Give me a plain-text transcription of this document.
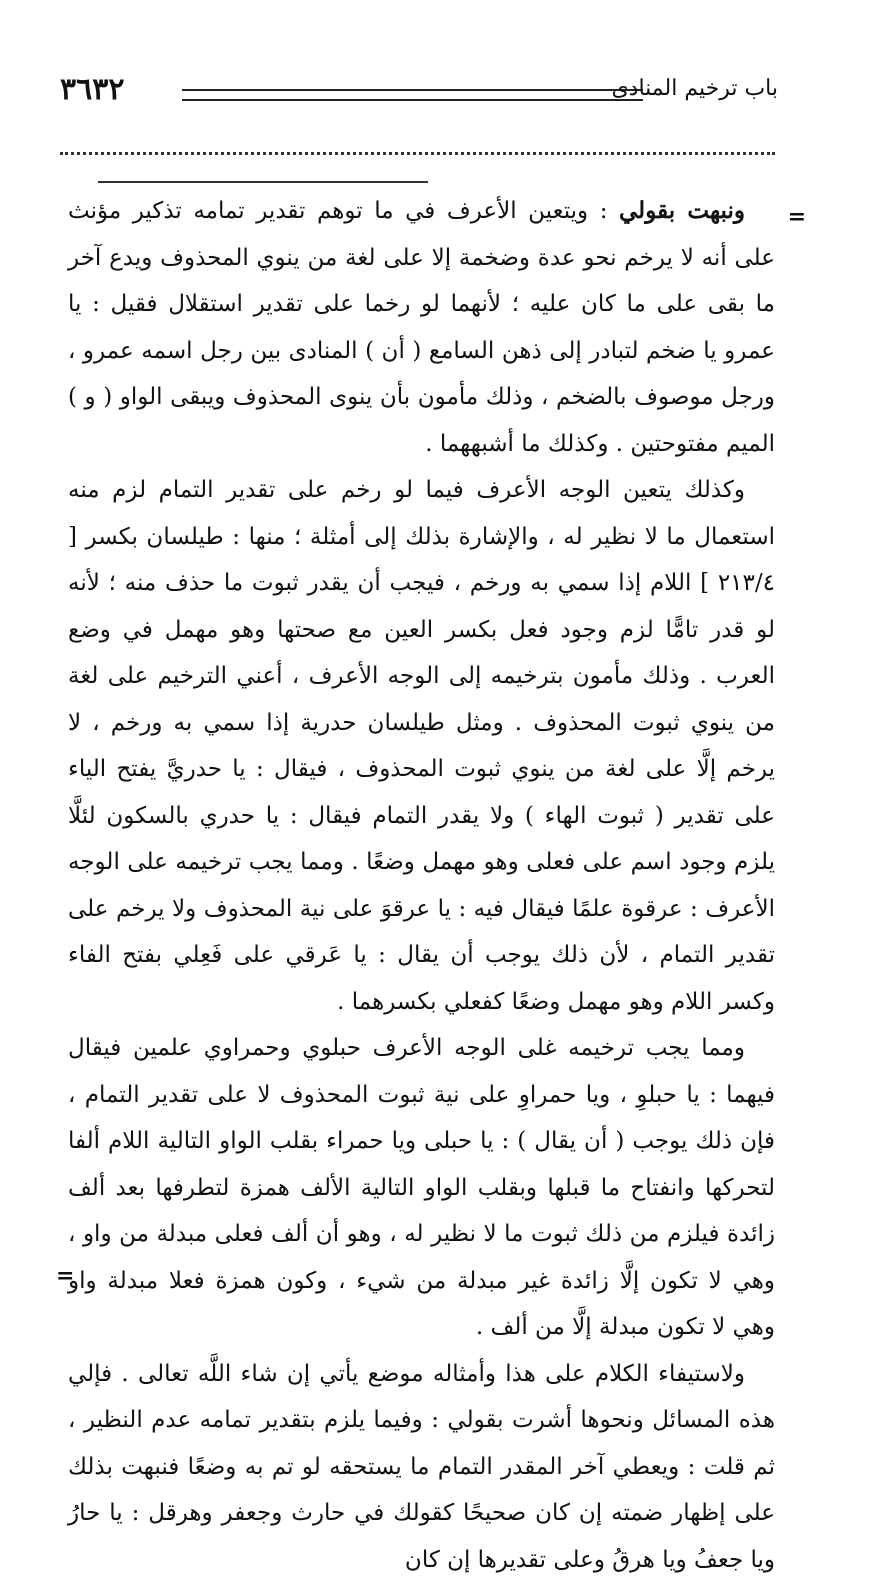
٣٦٣٢	باب ترخيم المنادى
=
=

ونبهت بقولي : ويتعين الأعرف في ما توهم تقدير تمامه تذكير مؤنث على أنه لا يرخم نحو عدة وضخمة إلا على لغة من ينوي المحذوف ويدع آخر ما بقى على ما كان عليه ؛ لأنهما لو رخما على تقدير استقلال فقيل : يا عمرو يا ضخم لتبادر إلى ذهن السامع ( أن ) المنادى بين رجل اسمه عمرو ، ورجل موصوف بالضخم ، وذلك مأمون بأن ينوى المحذوف ويبقى الواو ( و ) الميم مفتوحتين . وكذلك ما أشبههما .

وكذلك يتعين الوجه الأعرف فيما لو رخم على تقدير التمام لزم منه استعمال ما لا نظير له ، والإشارة بذلك إلى أمثلة ؛ منها : طيلسان بكسر [ ٢١٣/٤ ] اللام إذا سمي به ورخم ، فيجب أن يقدر ثبوت ما حذف منه ؛ لأنه لو قدر تامًّا لزم وجود فعل بكسر العين مع صحتها وهو مهمل في وضع العرب . وذلك مأمون بترخيمه إلى الوجه الأعرف ، أعني الترخيم على لغة من ينوي ثبوت المحذوف . ومثل طيلسان حدرية إذا سمي به ورخم ، لا يرخم إلَّا على لغة من ينوي ثبوت المحذوف ، فيقال : يا حدريَّ يفتح الياء على تقدير ( ثبوت الهاء ) ولا يقدر التمام فيقال : يا حدري بالسكون لئلَّا يلزم وجود اسم على فعلى وهو مهمل وضعًا . ومما يجب ترخيمه على الوجه الأعرف : عرقوة علمًا فيقال فيه : يا عرقوَ على نية المحذوف ولا يرخم على تقدير التمام ، لأن ذلك يوجب أن يقال : يا عَرقي على فَعِلي بفتح الفاء وكسر اللام وهو مهمل وضعًا كفعلي بكسرهما .

ومما يجب ترخيمه غلى الوجه الأعرف حبلوي وحمراوي علمين فيقال فيهما : يا حبلوِ ، ويا حمراوِ على نية ثبوت المحذوف لا على تقدير التمام ، فإن ذلك يوجب ( أن يقال ) : يا حبلى ويا حمراء بقلب الواو التالية اللام ألفا لتحركها وانفتاح ما قبلها وبقلب الواو التالية الألف همزة لتطرفها بعد ألف زائدة فيلزم من ذلك ثبوت ما لا نظير له ، وهو أن ألف فعلى مبدلة من واو ، وهي لا تكون إلَّا زائدة غير مبدلة من شيء ، وكون همزة فعلا مبدلة واو وهي لا تكون مبدلة إلَّا من ألف .

ولاستيفاء الكلام على هذا وأمثاله موضع يأتي إن شاء اللَّه تعالى . فإلي هذه المسائل ونحوها أشرت بقولي : وفيما يلزم بتقدير تمامه عدم النظير ، ثم قلت : ويعطي آخر المقدر التمام ما يستحقه لو تم به وضعًا فنبهت بذلك على إظهار ضمته إن كان صحيحًا كقولك في حارث وجعفر وهرقل : يا حارُ ويا جعفُ ويا هرقُ وعلى تقديرها إن كان
